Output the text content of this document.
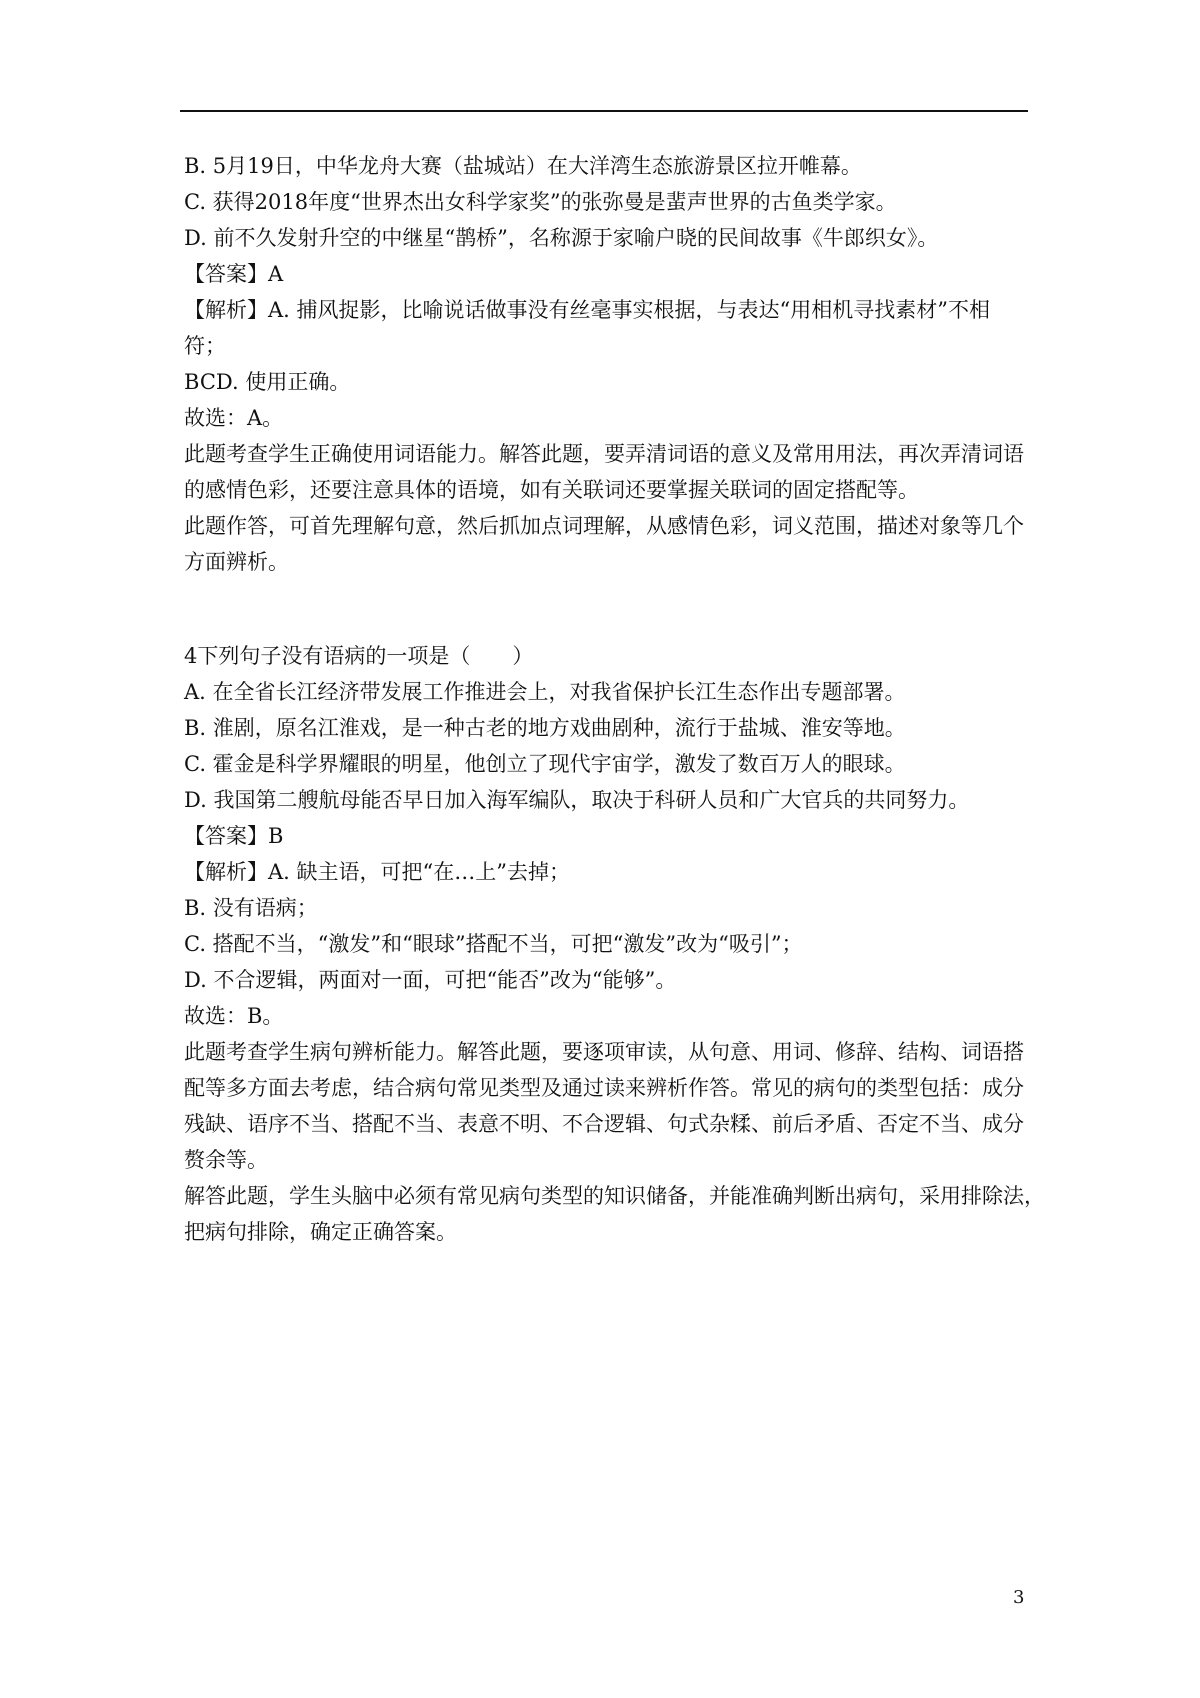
B. 5月19日，中华龙舟大赛（盐城站）在大洋湾生态旅游景区拉开帷幕。
C. 获得2018年度“世界杰出女科学家奖”的张弥曼是蜚声世界的古鱼类学家。
D. 前不久发射升空的中继星“鹊桥”，名称源于家喻户晓的民间故事《牛郎织女》。
【答案】A
【解析】A. 捕风捉影，比喻说话做事没有丝毫事实根据，与表达“用相机寻找素材”不相
符；
BCD. 使用正确。
故选：A。
此题考查学生正确使用词语能力。解答此题，要弄清词语的意义及常用用法，再次弄清词语
的感情色彩，还要注意具体的语境，如有关联词还要掌握关联词的固定搭配等。
此题作答，可首先理解句意，然后抓加点词理解，从感情色彩，词义范围，描述对象等几个
方面辨析。
4下列句子没有语病的一项是（　　）
A. 在全省长江经济带发展工作推进会上，对我省保护长江生态作出专题部署。
B. 淮剧，原名江淮戏，是一种古老的地方戏曲剧种，流行于盐城、淮安等地。
C. 霍金是科学界耀眼的明星，他创立了现代宇宙学，激发了数百万人的眼球。
D. 我国第二艘航母能否早日加入海军编队，取决于科研人员和广大官兵的共同努力。
【答案】B
【解析】A. 缺主语，可把“在…上”去掉；
B. 没有语病；
C. 搭配不当，“激发”和“眼球”搭配不当，可把“激发”改为“吸引”；
D. 不合逻辑，两面对一面，可把“能否”改为“能够”。
故选：B。
此题考查学生病句辨析能力。解答此题，要逐项审读，从句意、用词、修辞、结构、词语搭
配等多方面去考虑，结合病句常见类型及通过读来辨析作答。常见的病句的类型包括：成分
残缺、语序不当、搭配不当、表意不明、不合逻辑、句式杂糅、前后矛盾、否定不当、成分
赘余等。
解答此题，学生头脑中必须有常见病句类型的知识储备，并能准确判断出病句，采用排除法，
把病句排除，确定正确答案。
3
